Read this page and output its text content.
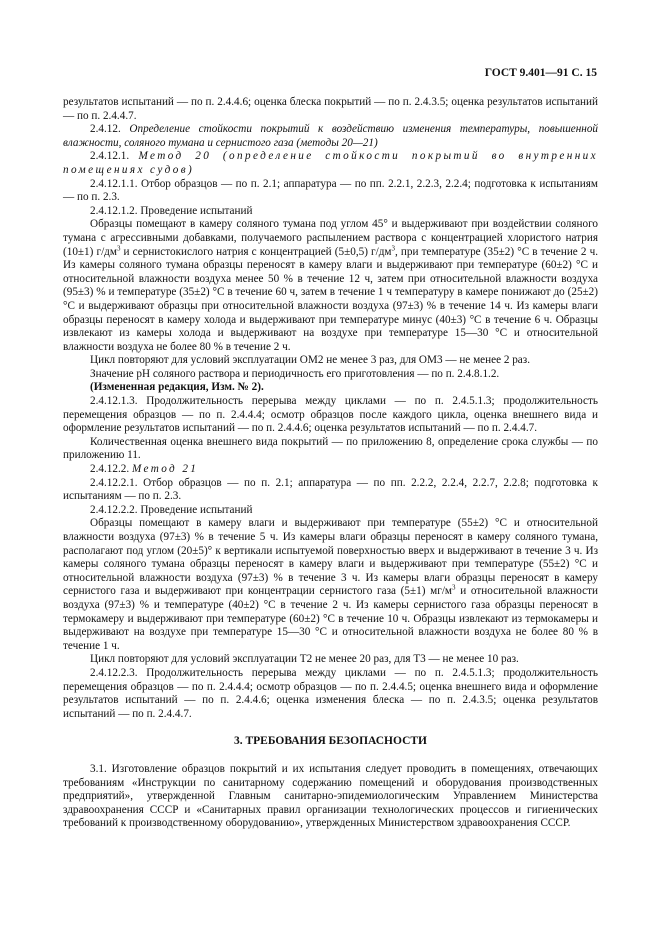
ГОСТ 9.401—91 С. 15

результатов испытаний — по п. 2.4.4.6; оценка блеска покрытий — по п. 2.4.3.5; оценка результатов испытаний — по п. 2.4.4.7.

2.4.12. Определение стойкости покрытий к воздействию изменения температуры, повышенной влажности, соляного тумана и сернистого газа (методы 20—21)

2.4.12.1. Метод 20 (определение стойкости покрытий во внутренних помещениях судов)

2.4.12.1.1. Отбор образцов — по п. 2.1; аппаратура — по пп. 2.2.1, 2.2.3, 2.2.4; подготовка к испытаниям — по п. 2.3.

2.4.12.1.2. Проведение испытаний

Образцы помещают в камеру соляного тумана под углом 45° и выдерживают при воздействии соляного тумана с агрессивными добавками, получаемого распылением раствора с концентрацией хлористого натрия (10±1) $г/дм^3$ и сернистокислого натрия с концентрацией (5±0,5) $г/дм^3$, при температуре (35±2) °С в течение 2 ч. Из камеры соляного тумана образцы переносят в камеру влаги и выдерживают при температуре (60±2) °С и относительной влажности воздуха менее 50 % в течение 12 ч, затем при относительной влажности воздуха (95±3) % и температуре (35±2) °С в течение 60 ч, затем в течение 1 ч температуру в камере понижают до (25±2) °С и выдерживают образцы при относительной влажности воздуха (97±3) % в течение 14 ч. Из камеры влаги образцы переносят в камеру холода и выдерживают при температуре минус (40±3) °С в течение 6 ч. Образцы извлекают из камеры холода и выдерживают на воздухе при температуре 15—30 °С и относительной влажности воздуха не более 80 % в течение 2 ч.

Цикл повторяют для условий эксплуатации ОМ2 не менее 3 раз, для ОМ3 — не менее 2 раз.

Значение pH соляного раствора и периодичность его приготовления — по п. 2.4.8.1.2.

(Измененная редакция, Изм. № 2).

2.4.12.1.3. Продолжительность перерыва между циклами — по п. 2.4.5.1.3; продолжительность перемещения образцов — по п. 2.4.4.4; осмотр образцов после каждого цикла, оценка внешнего вида и оформление результатов испытаний — по п. 2.4.4.6; оценка результатов испытаний — по п. 2.4.4.7.

Количественная оценка внешнего вида покрытий — по приложению 8, определение срока службы — по приложению 11.

2.4.12.2. Метод 21

2.4.12.2.1. Отбор образцов — по п. 2.1; аппаратура — по пп. 2.2.2, 2.2.4, 2.2.7, 2.2.8; подготовка к испытаниям — по п. 2.3.

2.4.12.2.2. Проведение испытаний

Образцы помещают в камеру влаги и выдерживают при температуре (55±2) °С и относительной влажности воздуха (97±3) % в течение 5 ч. Из камеры влаги образцы переносят в камеру соляного тумана, располагают под углом (20±5)° к вертикали испытуемой поверхностью вверх и выдерживают в течение 3 ч. Из камеры соляного тумана образцы переносят в камеру влаги и выдерживают при температуре (55±2) °С и относительной влажности воздуха (97±3) % в течение 3 ч. Из камеры влаги образцы переносят в камеру сернистого газа и выдерживают при концентрации сернистого газа (5±1) $мг/м^3$ и относительной влажности воздуха (97±3) % и температуре (40±2) °С в течение 2 ч. Из камеры сернистого газа образцы переносят в термокамеру и выдерживают при температуре (60±2) °С в течение 10 ч. Образцы извлекают из термокамеры и выдерживают на воздухе при температуре 15—30 °С и относительной влажности воздуха не более 80 % в течение 1 ч.

Цикл повторяют для условий эксплуатации Т2 не менее 20 раз, для Т3 — не менее 10 раз.

2.4.12.2.3. Продолжительность перерыва между циклами — по п. 2.4.5.1.3; продолжительность перемещения образцов — по п. 2.4.4.4; осмотр образцов — по п. 2.4.4.5; оценка внешнего вида и оформление результатов испытаний — по п. 2.4.4.6; оценка изменения блеска — по п. 2.4.3.5; оценка результатов испытаний — по п. 2.4.4.7.

3. ТРЕБОВАНИЯ БЕЗОПАСНОСТИ

3.1. Изготовление образцов покрытий и их испытания следует проводить в помещениях, отвечающих требованиям «Инструкции по санитарному содержанию помещений и оборудования производственных предприятий», утвержденной Главным санитарно-эпидемиологическим Управлением Министерства здравоохранения СССР и «Санитарных правил организации технологических процессов и гигиенических требований к производственному оборудованию», утвержденных Министерством здравоохранения СССР.
